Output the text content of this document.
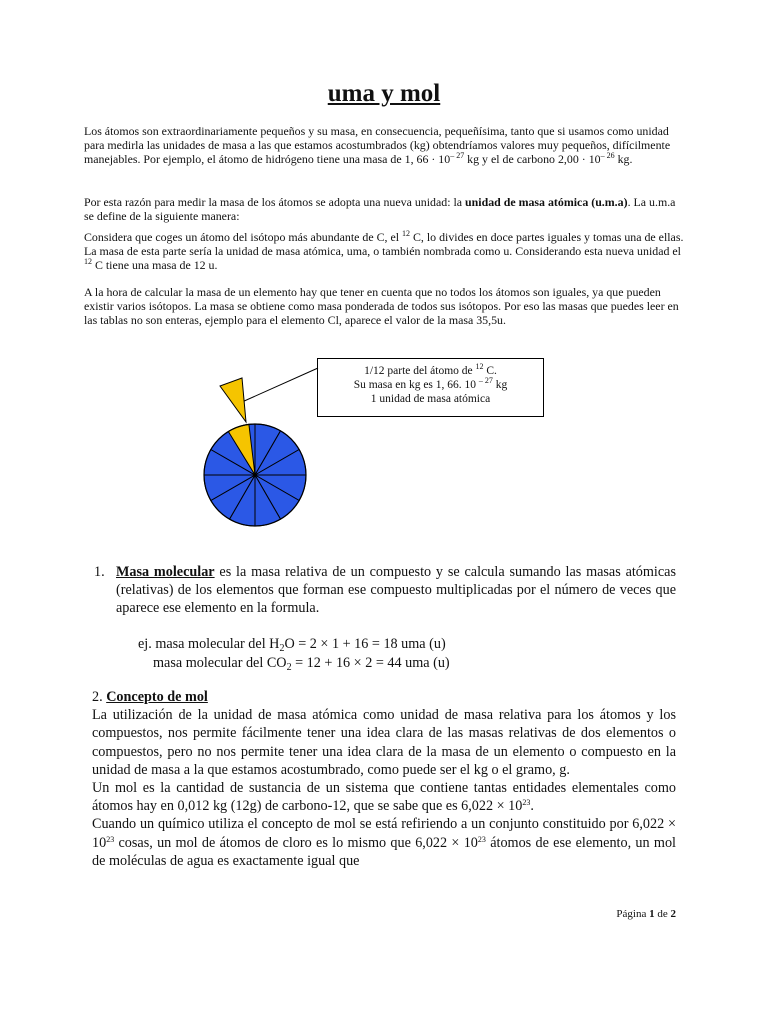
uma y mol

Los átomos son extraordinariamente pequeños y su masa, en consecuencia, pequeñísima, tanto que si usamos como unidad para medirla las unidades de masa a las que estamos acostumbrados (kg) obtendríamos valores muy pequeños, difícilmente manejables. Por ejemplo, el átomo de hidrógeno tiene una masa de 1, $66 \cdot 10^{- 27}$ kg y el de carbono $2,00 \cdot 10^{- 26}$ kg.

Por esta razón para medir la masa de los átomos se adopta una nueva unidad: la unidad de masa atómica (u.m.a). La u.m.a se define de la siguiente manera:

Considera que coges un átomo del isótopo más abundante de C, el $^{12}$ C, lo divides en doce partes iguales y tomas una de ellas. La masa de esta parte sería la unidad de masa atómica, uma, o también nombrada como u. Considerando esta nueva unidad el $^{12}$ C tiene una masa de 12 u.

A la hora de calcular la masa de un elemento hay que tener en cuenta que no todos los átomos son iguales, ya que pueden existir varios isótopos. La masa se obtiene como masa ponderada de todos sus isótopos. Por eso las masas que puedes leer en las tablas no son enteras, ejemplo para el elemento Cl, aparece el valor de la masa 35,5u.

1/12 parte del átomo de $^{12}$ C.
Su masa en kg es 1, 66. 10 $^{- 27}$ kg
1 unidad de masa atómica
1. Masa molecular es la masa relativa de un compuesto y se calcula sumando las masas atómicas (relativas) de los elementos que forman ese compuesto multiplicadas por el número de veces que aparece ese elemento en la formula.
ej. masa molecular del $H_2O = 2 \times 1 + 16 = 18$ uma (u)
masa molecular del $CO_2 = 12 + 16 \times 2 = 44$ uma (u)
2. Concepto de mol
La utilización de la unidad de masa atómica como unidad de masa relativa para los átomos y los compuestos, nos permite fácilmente tener una idea clara de las masas relativas de dos elementos o compuestos, pero no nos permite tener una idea clara de la masa de un elemento o compuesto en la unidad de masa a la que estamos acostumbrado, como puede ser el kg o el gramo, g.
Un mol es la cantidad de sustancia de un sistema que contiene tantas entidades elementales como átomos hay en 0,012 kg (12g) de carbono-12, que se sabe que es $6,022 \times 10^{23}$.
Cuando un químico utiliza el concepto de mol se está refiriendo a un conjunto constituido por $6,022 \times 10^{23}$ cosas, un mol de átomos de cloro es lo mismo que $6,022 \times 10^{23}$ átomos de ese elemento, un mol de moléculas de agua es exactamente igual que
Página 1 de 2
